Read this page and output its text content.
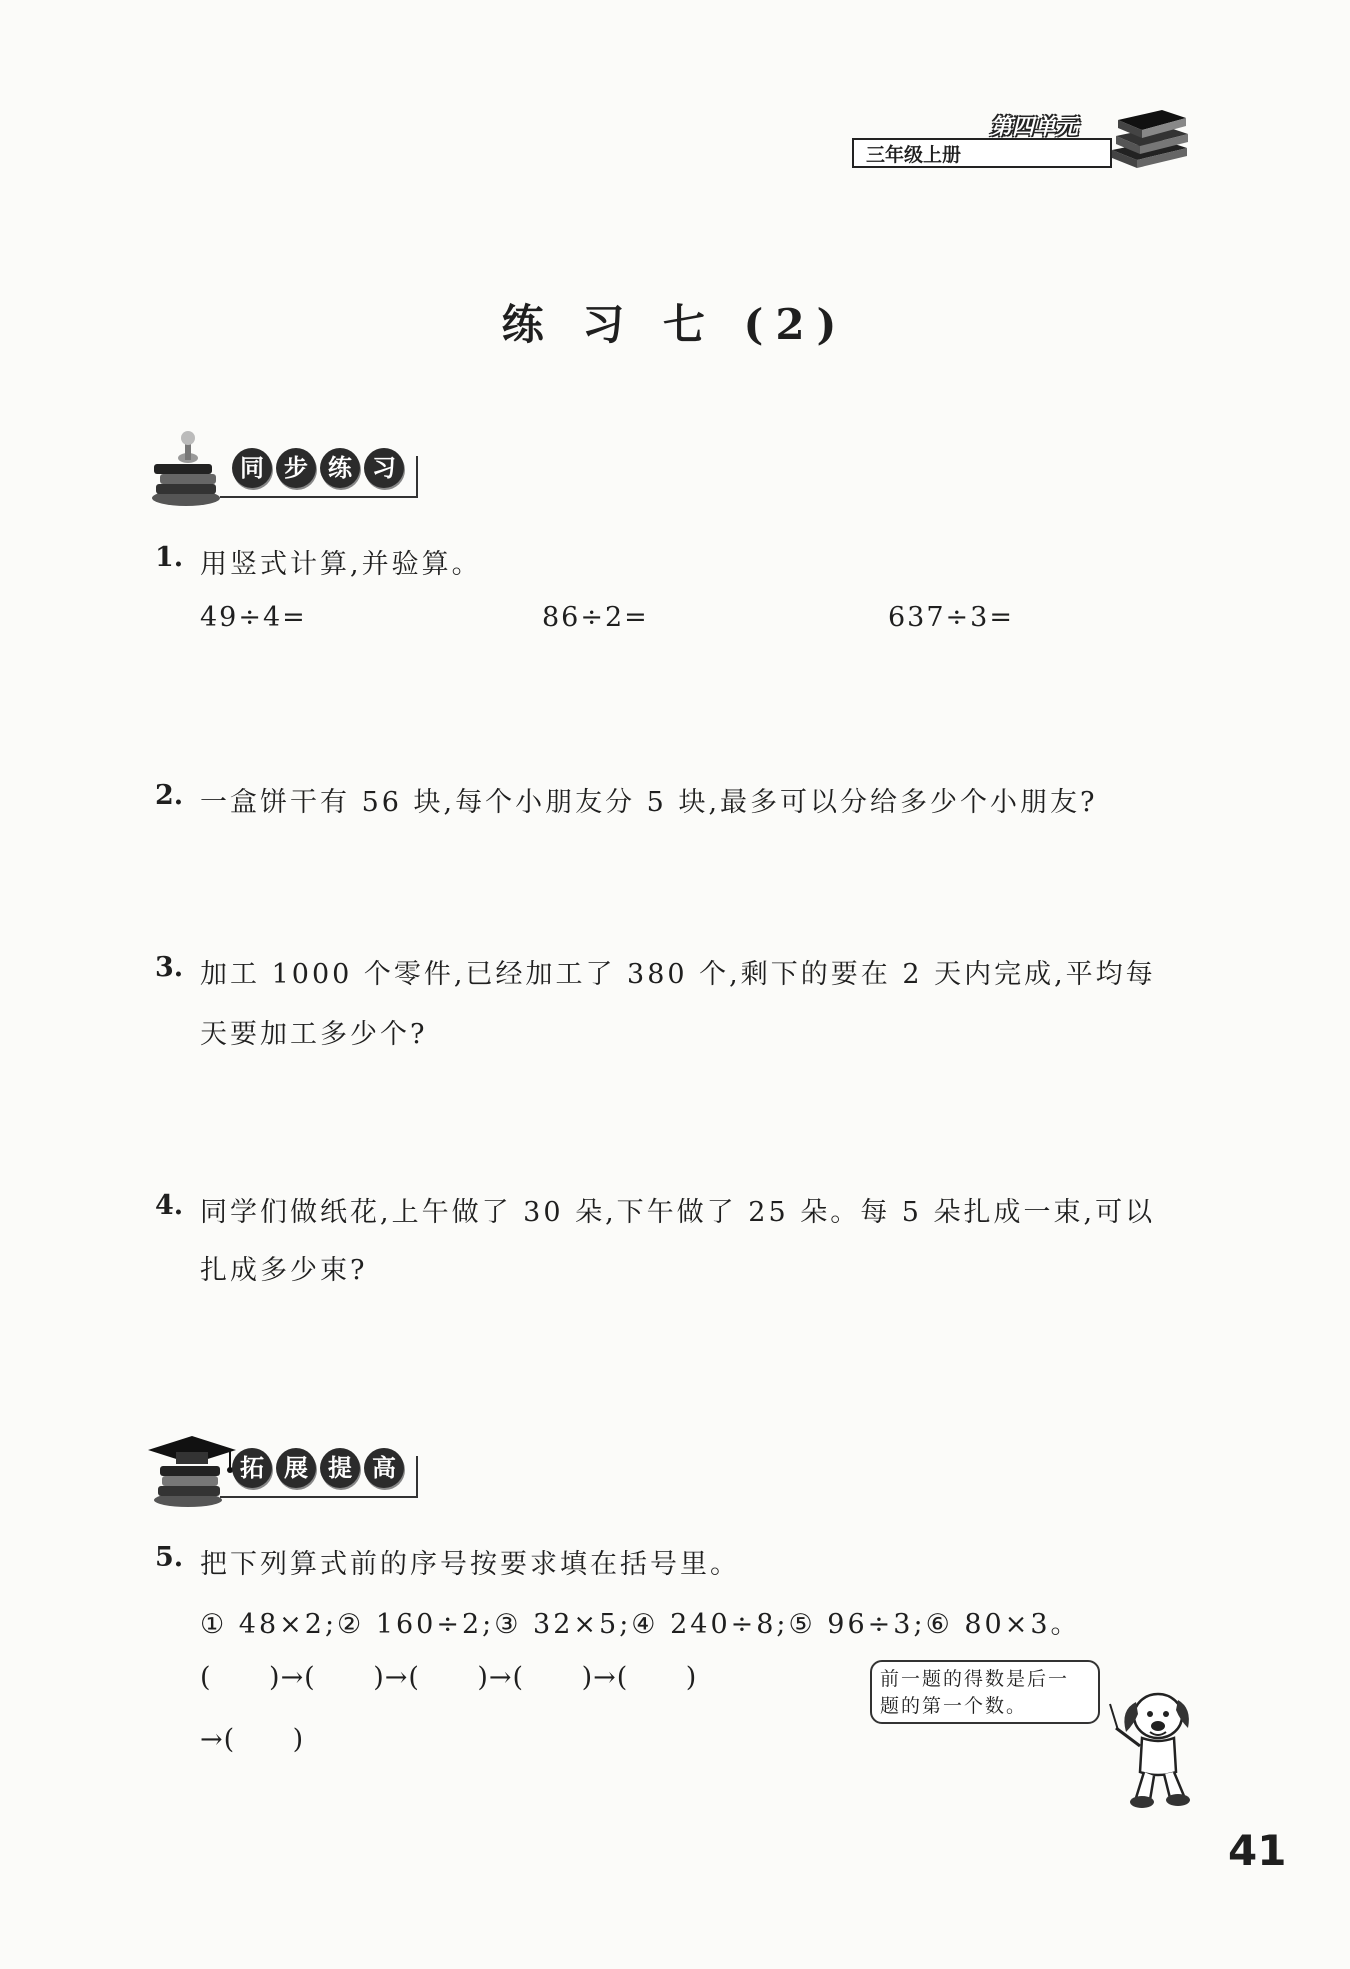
三年级上册
第四单元
练 习 七 (2)
同 步 练 习
1. 用竖式计算,并验算。
49÷4=	86÷2=	637÷3=
2. 一盒饼干有 56 块,每个小朋友分 5 块,最多可以分给多少个小朋友?
3. 加工 1000 个零件,已经加工了 380 个,剩下的要在 2 天内完成,平均每
天要加工多少个?
4. 同学们做纸花,上午做了 30 朵,下午做了 25 朵。每 5 朵扎成一束,可以
扎成多少束?
拓 展 提 高
5. 把下列算式前的序号按要求填在括号里。
① 48×2;② 160÷2;③ 32×5;④ 240÷8;⑤ 96÷3;⑥ 80×3。
(      )→(      )→(      )→(      )→(      )
→(      )
前一题的得数是后一
题的第一个数。
41
